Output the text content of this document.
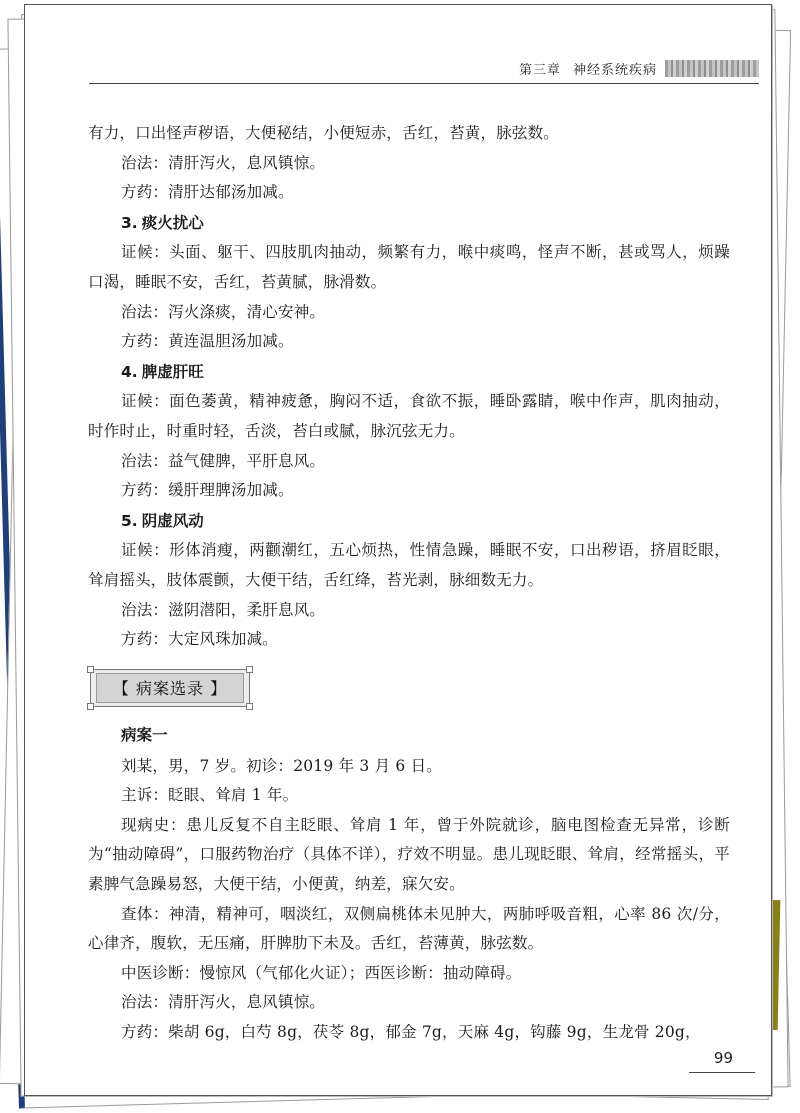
第三章 神经系统疾病
有力，口出怪声秽语，大便秘结，小便短赤，舌红，苔黄，脉弦数。
治法：清肝泻火，息风镇惊。
方药：清肝达郁汤加减。
3. 痰火扰心
证候：头面、躯干、四肢肌肉抽动，频繁有力，喉中痰鸣，怪声不断，甚或骂人，烦躁口渴，睡眠不安，舌红，苔黄腻，脉滑数。
治法：泻火涤痰，清心安神。
方药：黄连温胆汤加减。
4. 脾虚肝旺
证候：面色萎黄，精神疲惫，胸闷不适，食欲不振，睡卧露睛，喉中作声，肌肉抽动，时作时止，时重时轻，舌淡，苔白或腻，脉沉弦无力。
治法：益气健脾，平肝息风。
方药：缓肝理脾汤加减。
5. 阴虚风动
证候：形体消瘦，两颧潮红，五心烦热，性情急躁，睡眠不安，口出秽语，挤眉眨眼，耸肩摇头，肢体震颤，大便干结，舌红绛，苔光剥，脉细数无力。
治法：滋阴潜阳，柔肝息风。
方药：大定风珠加减。
【 病案选录 】
病案一
刘某，男，7 岁。初诊：2019 年 3 月 6 日。
主诉：眨眼、耸肩 1 年。
现病史：患儿反复不自主眨眼、耸肩 1 年，曾于外院就诊，脑电图检查无异常，诊断为“抽动障碍”，口服药物治疗（具体不详），疗效不明显。患儿现眨眼、耸肩，经常摇头，平素脾气急躁易怒，大便干结，小便黄，纳差，寐欠安。
查体：神清，精神可，咽淡红，双侧扁桃体未见肿大，两肺呼吸音粗，心率 86 次/分，心律齐，腹软，无压痛，肝脾肋下未及。舌红，苔薄黄，脉弦数。
中医诊断：慢惊风（气郁化火证）；西医诊断：抽动障碍。
治法：清肝泻火，息风镇惊。
方药：柴胡 6g，白芍 8g，茯苓 8g，郁金 7g，天麻 4g，钩藤 9g，生龙骨 20g，
99
